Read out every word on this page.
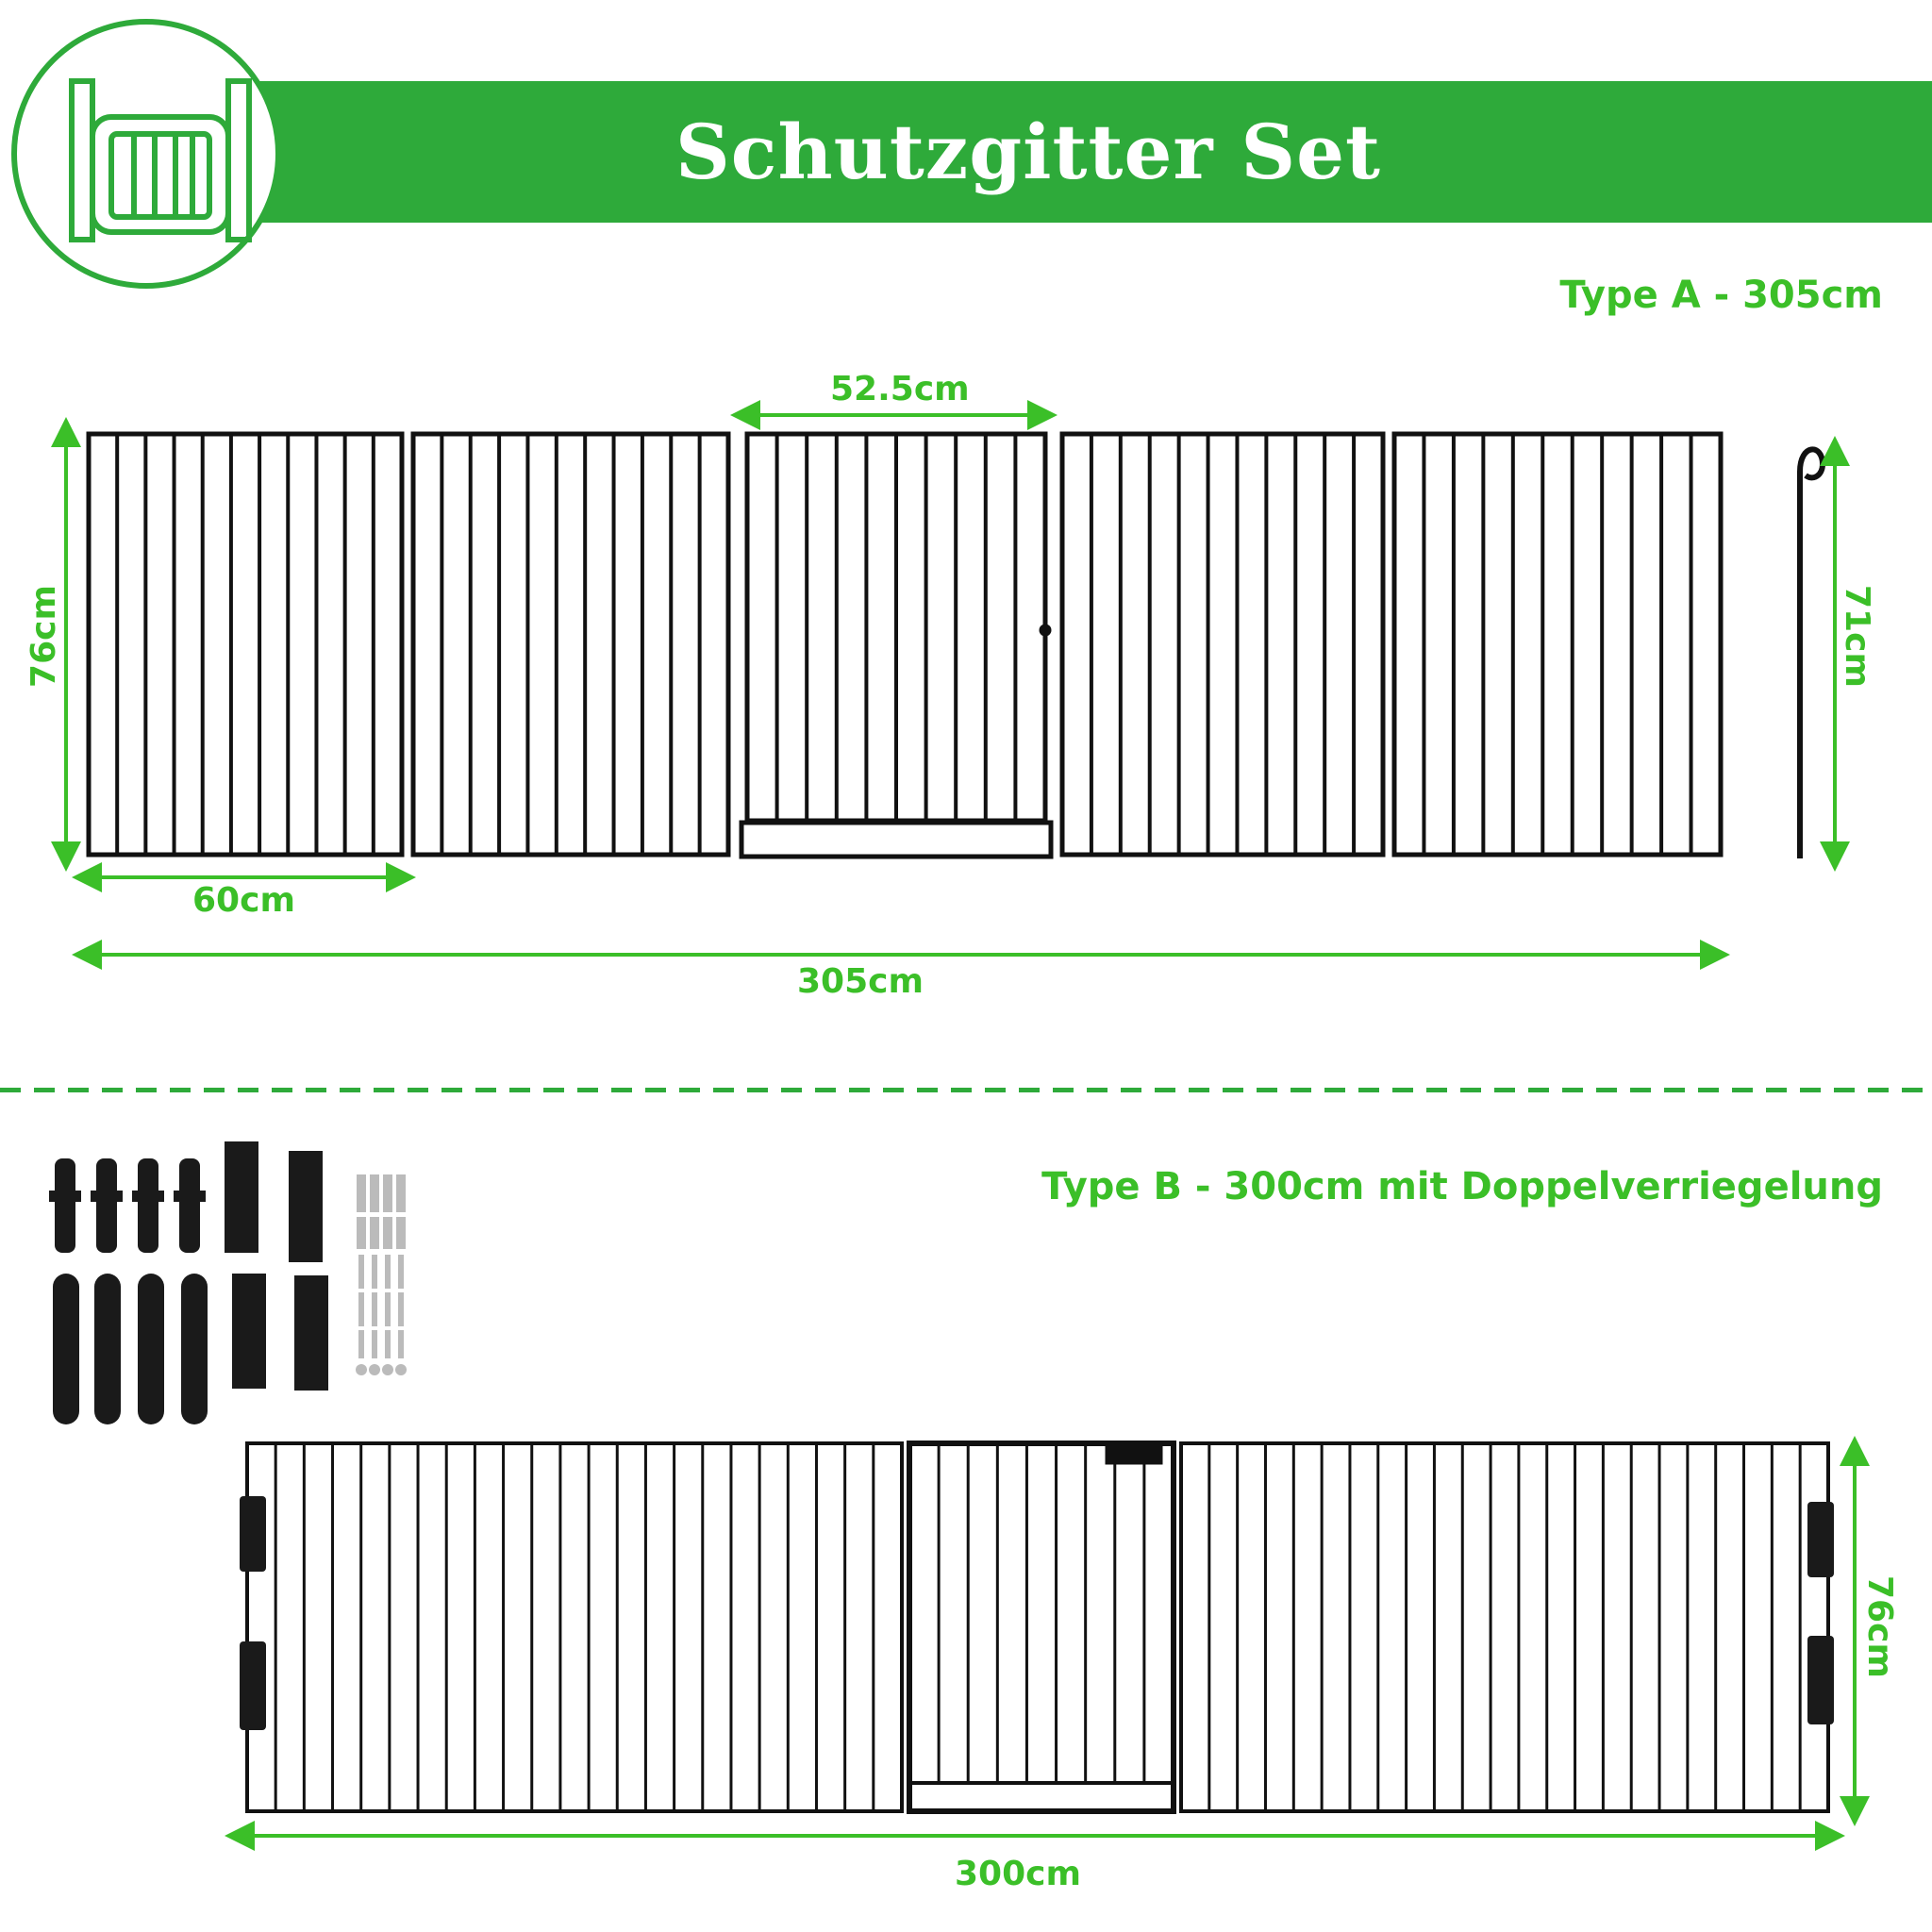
Schutzgitter Set
Type A - 305cm
Type B - 300cm mit Doppelverriegelung
76cm	71cm
52.5cm
60cm
305cm
76cm
300cm
